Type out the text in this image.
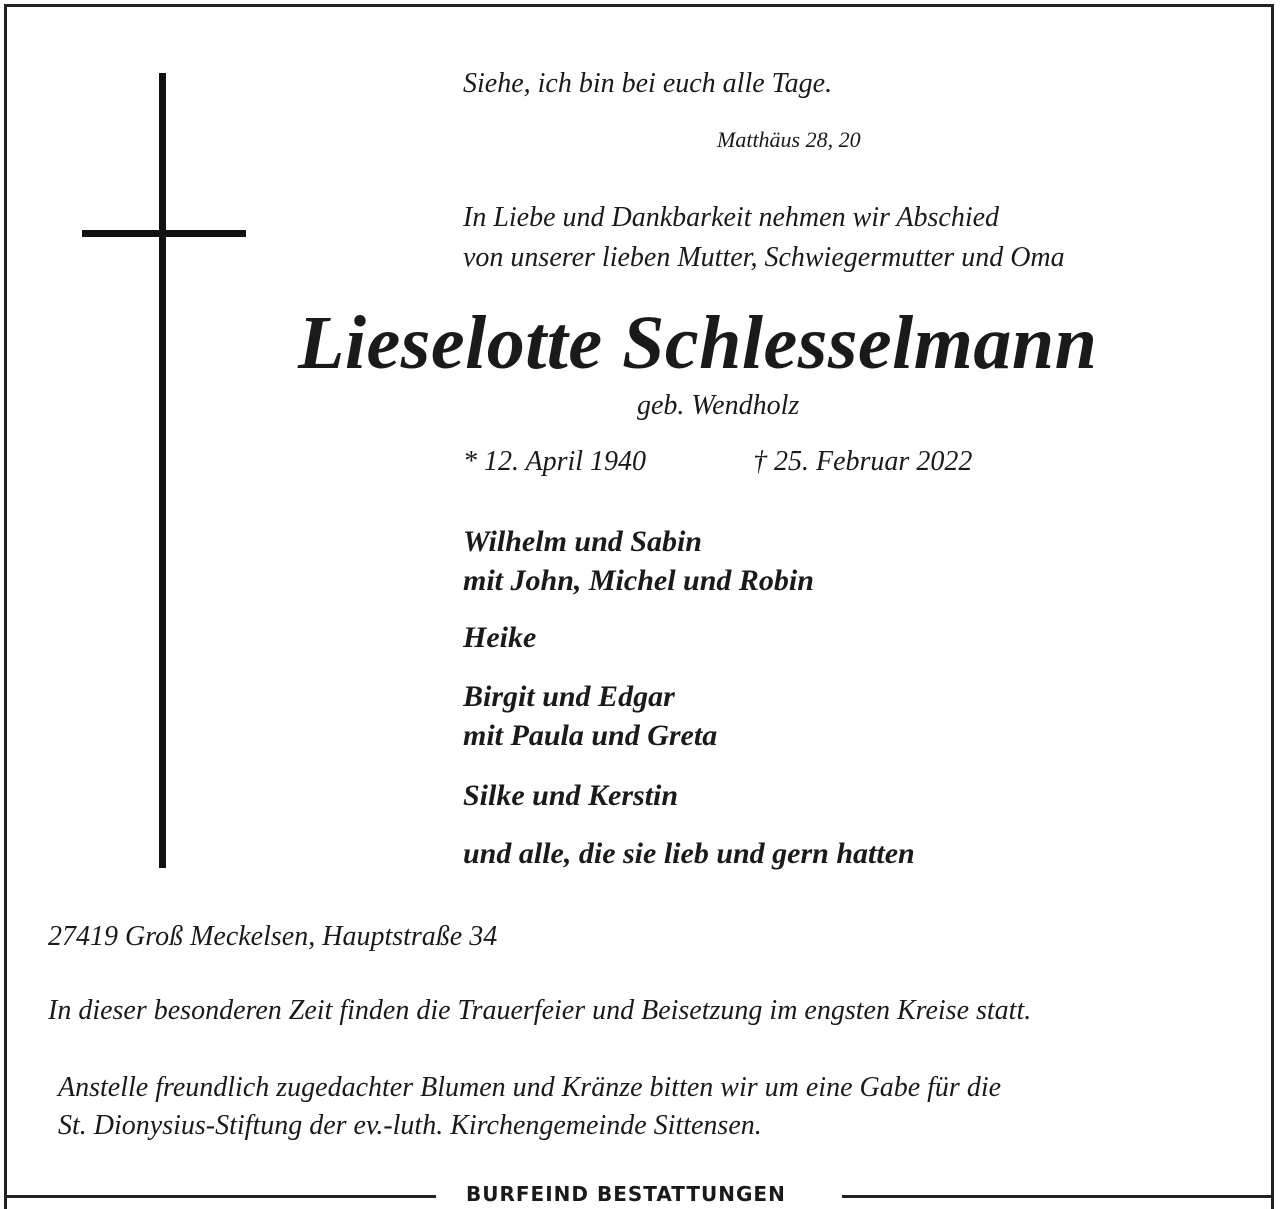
Siehe, ich bin bei euch alle Tage.
Matthäus 28, 20
In Liebe und Dankbarkeit nehmen wir Abschied
von unserer lieben Mutter, Schwiegermutter und Oma
Lieselotte Schlesselmann
geb. Wendholz
* 12. April 1940	† 25. Februar 2022
Wilhelm und Sabin
mit John, Michel und Robin
Heike
Birgit und Edgar
mit Paula und Greta
Silke und Kerstin
und alle, die sie lieb und gern hatten
27419 Groß Meckelsen, Hauptstraße 34
In dieser besonderen Zeit finden die Trauerfeier und Beisetzung im engsten Kreise statt.
Anstelle freundlich zugedachter Blumen und Kränze bitten wir um eine Gabe für die
St. Dionysius-Stiftung der ev.-luth. Kirchengemeinde Sittensen.
BURFEIND BESTATTUNGEN
